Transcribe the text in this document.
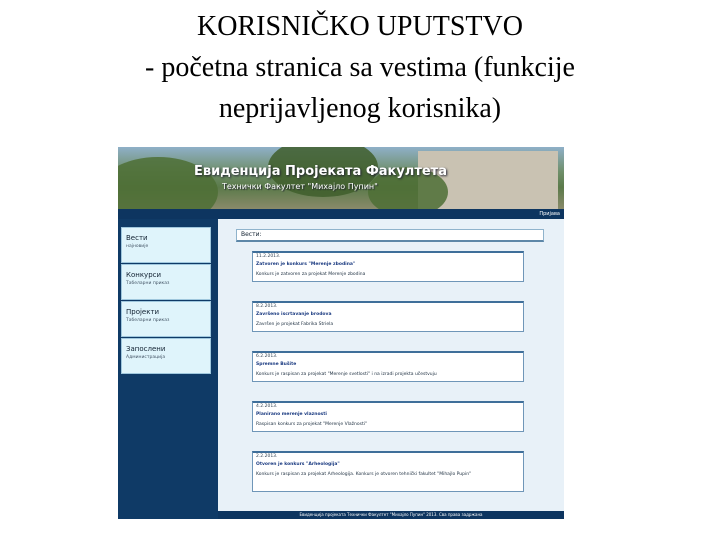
KORISNIČKO UPUTSTVO
- početna stranica sa vestima (funkcije
neprijavljenog korisnika)
Евиденција Пројеката Факултета
Технички Факултет "Михајло Пупин"
Пријава
Вести
најновије
Конкурси
Табеларни приказ
Пројекти
Табеларни приказ
Запослени
Администрација
Вести:
11.2.2013.
Zatvoren je konkurs "Merenje zbodina"
Konkurs je zatvoren za projekat Merenje zbodina
8.2.2013.
Završeno iscrtavanje brodova
Završen je projekat Fabrika Striela
6.2.2013.
Spremne Bušite
Konkurs je raspisan za projekat "Merenje svetlosti" i na izradi projekta učestvuju
4.2.2013.
Planirano merenje vlaznosti
Raspisan konkurs za projekat "Merenje Vlažnosti"
2.2.2013.
Otvoren je konkurs "Arheologija"
Konkurs je raspisan za projekat Arheologija. Konkurs je otvoren tehnički fakultet "Mihajlo Pupin"
Евиденција пројеката Технички Факултет "Михајло Пупин" 2013. Сва права задржана
